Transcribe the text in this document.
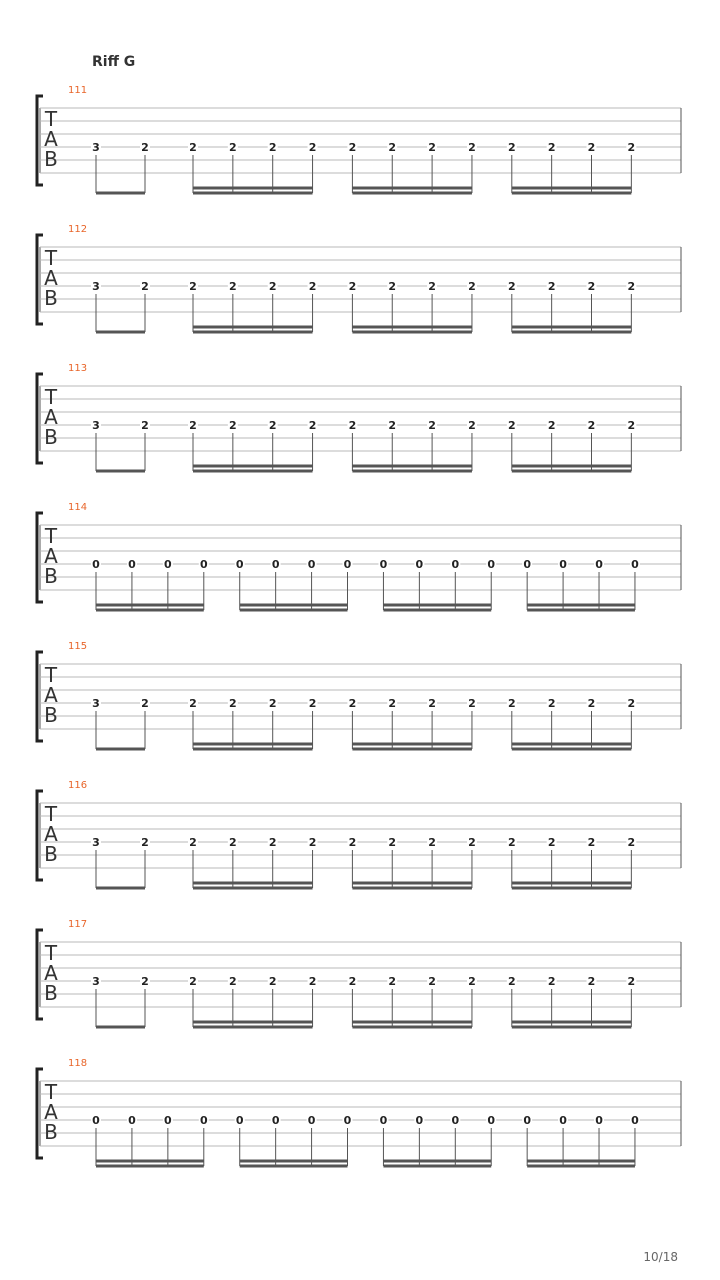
Riff G
111
T
A
B	3	2	2	2	2	2	2	2	2	2	2	2	2	2
112
T
A
B	3	2	2	2	2	2	2	2	2	2	2	2	2	2
113
T
A
B	3	2	2	2	2	2	2	2	2	2	2	2	2	2
114
T
A
B	0	0	0	0	0	0	0	0	0	0	0	0	0	0	0	0
115
T
A
B	3	2	2	2	2	2	2	2	2	2	2	2	2	2
116
T
A
B	3	2	2	2	2	2	2	2	2	2	2	2	2	2
117
T
A
B	3	2	2	2	2	2	2	2	2	2	2	2	2	2
118
T
A
B	0	0	0	0	0	0	0	0	0	0	0	0	0	0	0	0
10/18
